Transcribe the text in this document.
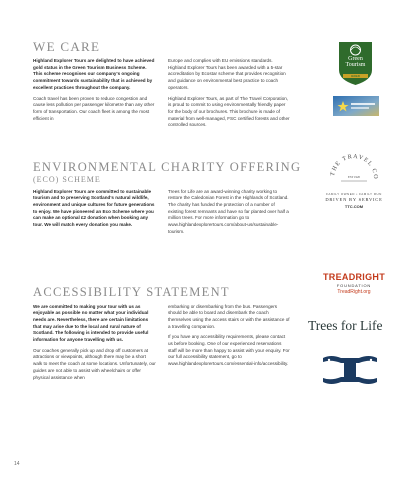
WE CARE

Highland Explorer Tours are delighted to have achieved gold status in the Green Tourism Business Scheme. This scheme recognises our company's ongoing commitment towards sustainability that is achieved by excellent practices throughout the company.

Coach travel has been proven to reduce congestion and cause less pollution per passenger kilometre than any other form of transportation. Our coach fleet is among the most efficient in

Europe and complies with EU emissions standards. Highland Explorer Tours has been awarded with a 5-star accreditation by Ecostar scheme that provides recognition and guidance on environmental best practice to coach operators.

Highland Explorer Tours, as part of The Travel Corporation, is proud to commit to using environmentally friendly paper for the body of our brochures. This brochure is made of material from well-managed, FSC certified forests and other controlled sources.

ENVIRONMENTAL CHARITY OFFERING
(ECO) SCHEME

Highland Explorer Tours are committed to sustainable tourism and to preserving Scotland's natural wildlife, environment and unique cultures for future generations to enjoy. We have pioneered an Eco Scheme where you can make an optional £2 donation when booking any tour. We will match every donation you make.

Trees for Life are an award-winning charity working to restore the Caledonian Forest in the Highlands of Scotland. The charity has funded the protection of a number of existing forest remnants and have so far planted over half a million trees. For more information go to www.highlandexplorertours.com/about-us/sustainable-tourism.

ACCESSIBILITY STATEMENT

We are committed to making your tour with us as enjoyable as possible no matter what your individual needs are. Nevertheless, there are certain limitations that may arise due to the local and rural nature of Scotland. The following is intended to provide useful information for anyone travelling with us.

Our coaches generally pick up and drop off customers at attractions or viewpoints, although there may be a short walk to meet the coach at some locations. Unfortunately, our guides are not able to assist with wheelchairs or offer physical assistance when

embarking or disembarking from the bus. Passengers should be able to board and disembark the coach themselves using the access stairs or with the assistance of a travelling companion.

If you have any accessibility requirements, please contact us before booking. One of our experienced reservations staff will be more than happy to assist with your enquiry. For our full accessibility statement, go to www.highlandexplorertours.com/essential-info/accessibility.

Green
Tourism
GOLD
THE TRAVEL CO
EST 1920
FAMILY OWNED • FAMILY RUN
DRIVEN BY SERVICE
TTC.COM
TREADRIGHT
FOUNDATION
TreadRight.org
Trees for Life
14
